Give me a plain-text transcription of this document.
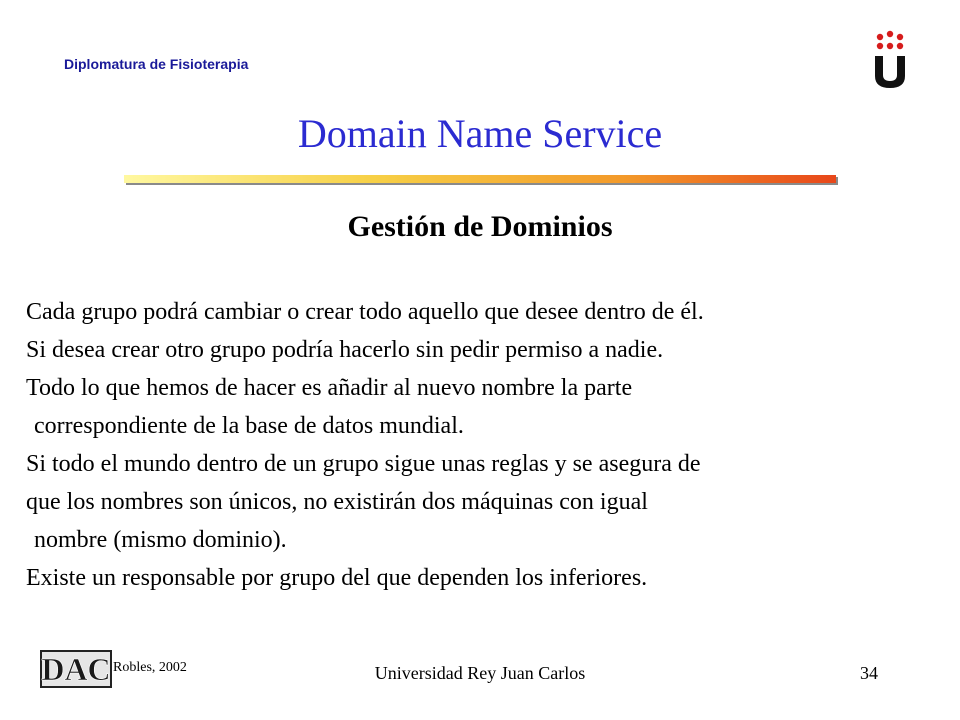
Diplomatura de Fisioterapia
Domain Name Service
Gestión de Dominios
Cada grupo podrá cambiar o crear todo aquello que desee dentro de él.
Si desea crear otro grupo podría hacerlo sin pedir permiso a nadie.
Todo lo que hemos de hacer es añadir al nuevo nombre la parte
correspondiente de la base de datos mundial.
Si todo el mundo dentro de un grupo sigue unas reglas y se asegura de
que los nombres son únicos, no existirán dos máquinas con igual
nombre (mismo dominio).
Existe un responsable por grupo del que dependen los inferiores.
DAC Robles, 2002	Universidad Rey Juan Carlos	34
